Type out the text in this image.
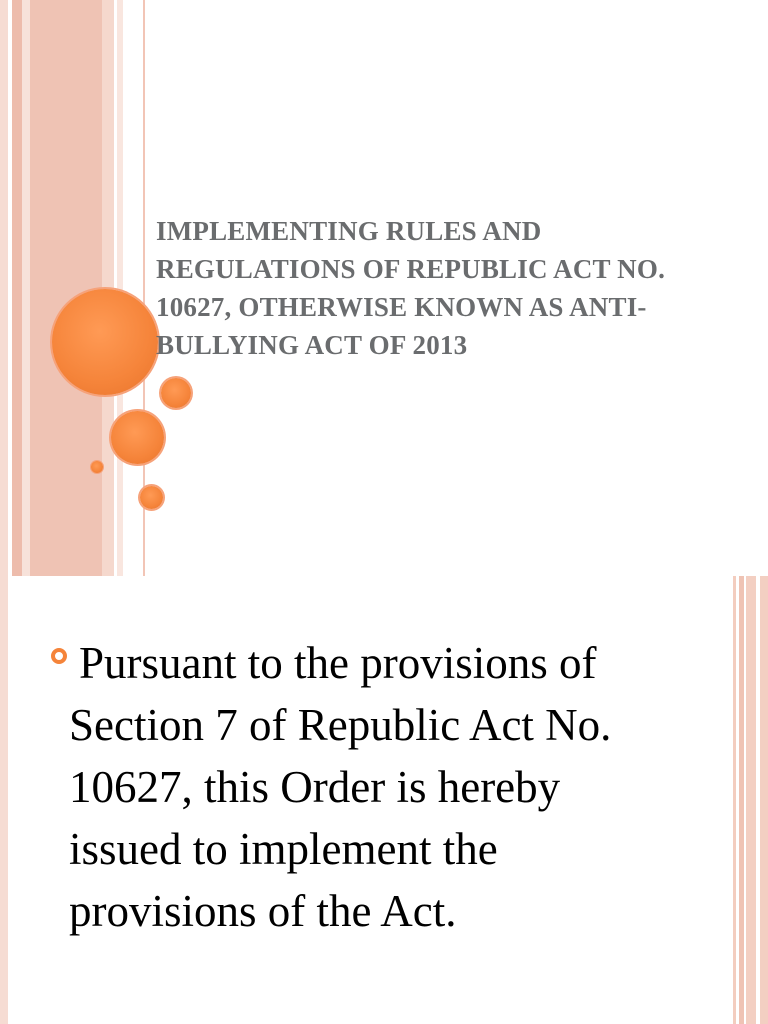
IMPLEMENTING RULES AND
REGULATIONS OF REPUBLIC ACT NO.
10627, OTHERWISE KNOWN AS ANTI-
BULLYING ACT OF 2013

Pursuant to the provisions of
Section 7 of Republic Act No.
10627, this Order is hereby
issued to implement the
provisions of the Act.
